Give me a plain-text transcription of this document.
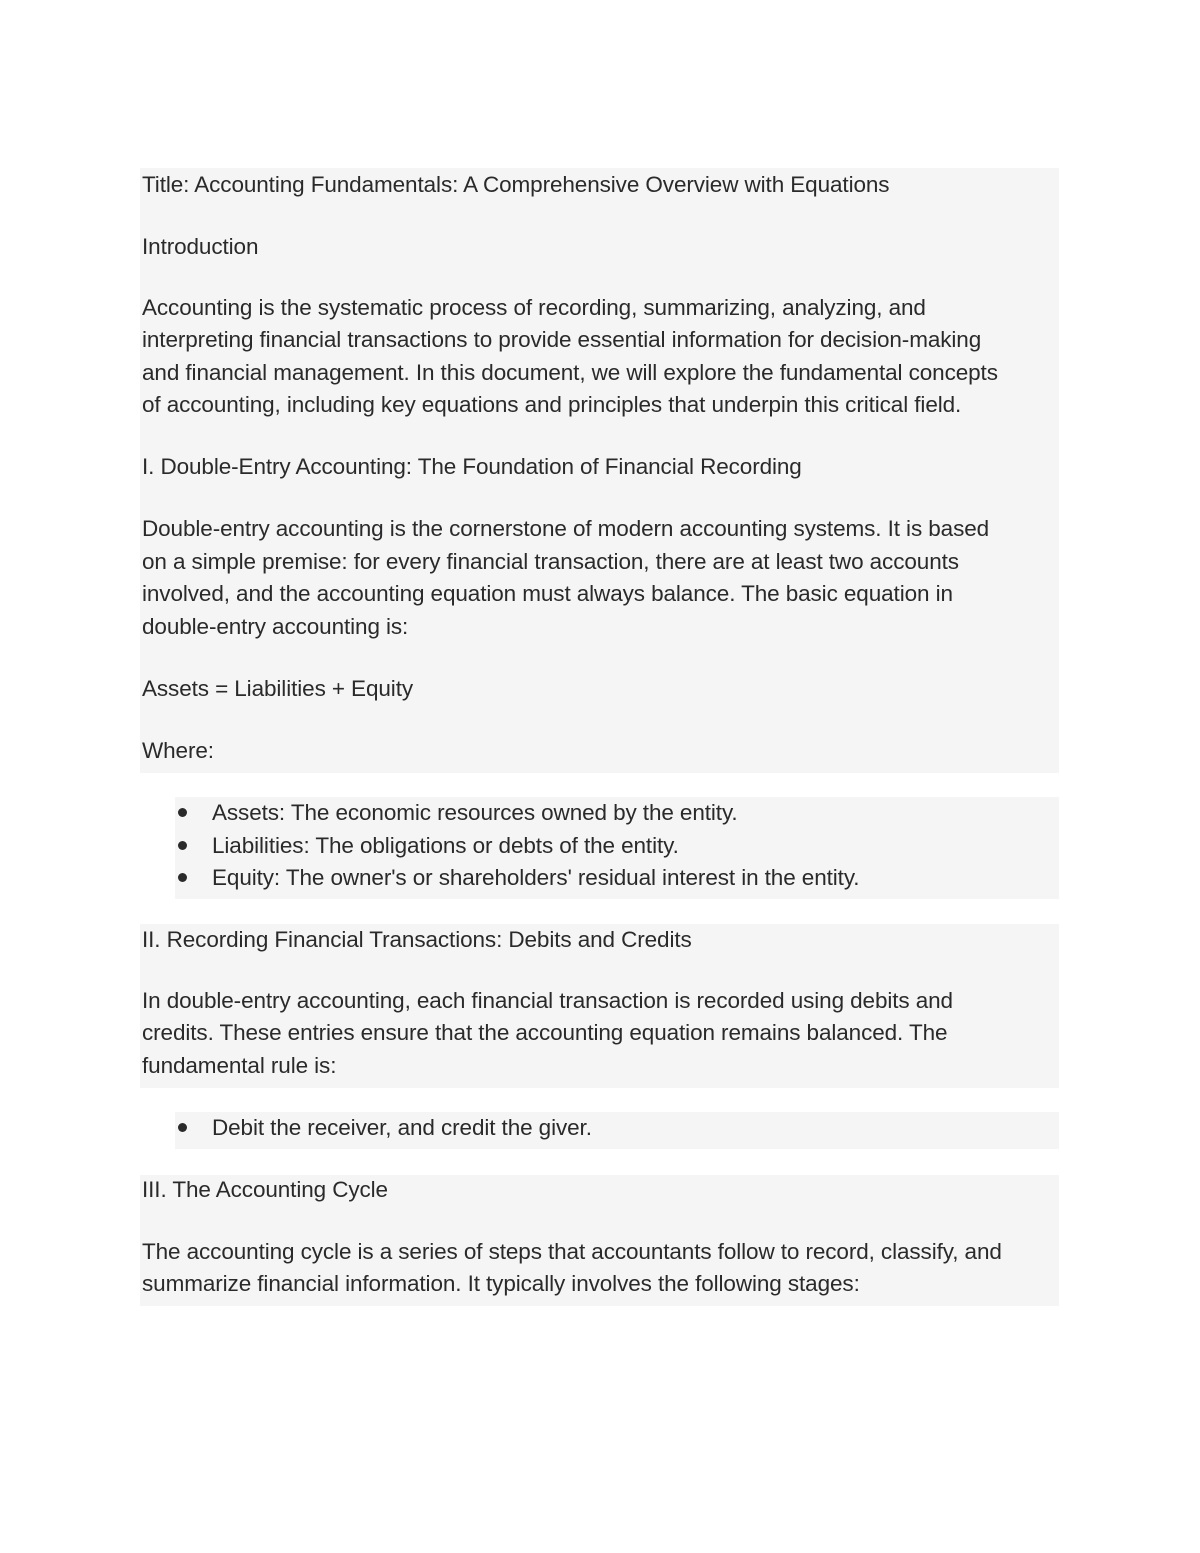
Title: Accounting Fundamentals: A Comprehensive Overview with Equations
Introduction
Accounting is the systematic process of recording, summarizing, analyzing, and
interpreting financial transactions to provide essential information for decision-making
and financial management. In this document, we will explore the fundamental concepts
of accounting, including key equations and principles that underpin this critical field.
I. Double-Entry Accounting: The Foundation of Financial Recording
Double-entry accounting is the cornerstone of modern accounting systems. It is based
on a simple premise: for every financial transaction, there are at least two accounts
involved, and the accounting equation must always balance. The basic equation in
double-entry accounting is:
Assets = Liabilities + Equity
Where:
Assets: The economic resources owned by the entity.
Liabilities: The obligations or debts of the entity.
Equity: The owner's or shareholders' residual interest in the entity.
II. Recording Financial Transactions: Debits and Credits
In double-entry accounting, each financial transaction is recorded using debits and
credits. These entries ensure that the accounting equation remains balanced. The
fundamental rule is:
Debit the receiver, and credit the giver.
III. The Accounting Cycle
The accounting cycle is a series of steps that accountants follow to record, classify, and
summarize financial information. It typically involves the following stages:
